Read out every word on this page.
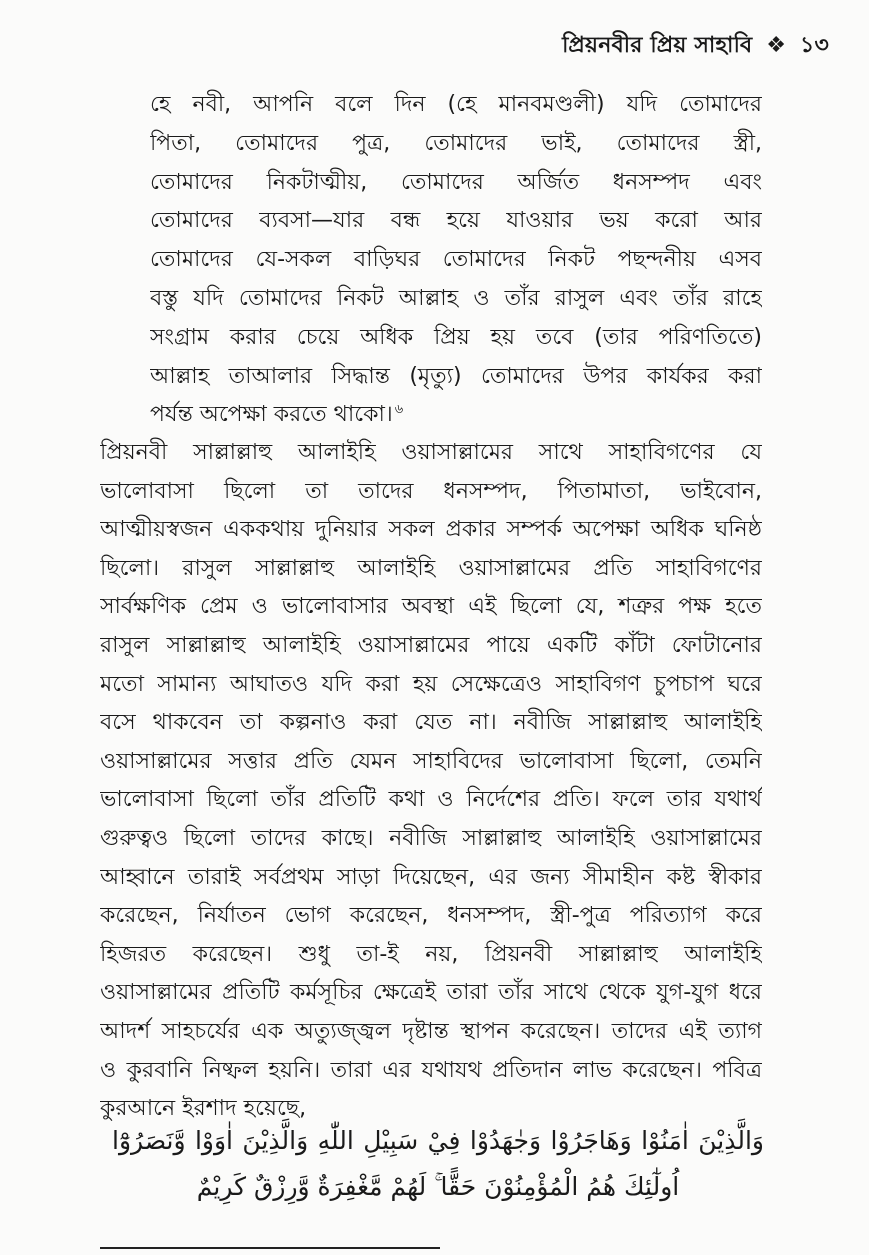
প্রিয়নবীর প্রিয় সাহাবি ❖ ১৩
হে নবী, আপনি বলে দিন (হে মানবমণ্ডলী) যদি তোমাদের
পিতা, তোমাদের পুত্র, তোমাদের ভাই, তোমাদের স্ত্রী,
তোমাদের নিকটাত্মীয়, তোমাদের অর্জিত ধনসম্পদ এবং
তোমাদের ব্যবসা—যার বন্ধ হয়ে যাওয়ার ভয় করো আর
তোমাদের যে-সকল বাড়িঘর তোমাদের নিকট পছন্দনীয় এসব
বস্তু যদি তোমাদের নিকট আল্লাহ ও তাঁর রাসুল এবং তাঁর রাহে
সংগ্রাম করার চেয়ে অধিক প্রিয় হয় তবে (তার পরিণতিতে)
আল্লাহ তাআলার সিদ্ধান্ত (মৃত্যু) তোমাদের উপর কার্যকর করা
পর্যন্ত অপেক্ষা করতে থাকো। $^৬$
প্রিয়নবী সাল্লাল্লাহু আলাইহি ওয়াসাল্লামের সাথে সাহাবিগণের যে
ভালোবাসা ছিলো তা তাদের ধনসম্পদ, পিতামাতা, ভাইবোন,
আত্মীয়স্বজন এককথায় দুনিয়ার সকল প্রকার সম্পর্ক অপেক্ষা অধিক ঘনিষ্ঠ
ছিলো। রাসুল সাল্লাল্লাহু আলাইহি ওয়াসাল্লামের প্রতি সাহাবিগণের
সার্বক্ষণিক প্রেম ও ভালোবাসার অবস্থা এই ছিলো যে, শত্রুর পক্ষ হতে
রাসুল সাল্লাল্লাহু আলাইহি ওয়াসাল্লামের পায়ে একটি কাঁটা ফোটানোর
মতো সামান্য আঘাতও যদি করা হয় সেক্ষেত্রেও সাহাবিগণ চুপচাপ ঘরে
বসে থাকবেন তা কল্পনাও করা যেত না। নবীজি সাল্লাল্লাহু আলাইহি
ওয়াসাল্লামের সত্তার প্রতি যেমন সাহাবিদের ভালোবাসা ছিলো, তেমনি
ভালোবাসা ছিলো তাঁর প্রতিটি কথা ও নির্দেশের প্রতি। ফলে তার যথার্থ
গুরুত্বও ছিলো তাদের কাছে। নবীজি সাল্লাল্লাহু আলাইহি ওয়াসাল্লামের
আহ্বানে তারাই সর্বপ্রথম সাড়া দিয়েছেন, এর জন্য সীমাহীন কষ্ট স্বীকার
করেছেন, নির্যাতন ভোগ করেছেন, ধনসম্পদ, স্ত্রী-পুত্র পরিত্যাগ করে
হিজরত করেছেন। শুধু তা-ই নয়, প্রিয়নবী সাল্লাল্লাহু আলাইহি
ওয়াসাল্লামের প্রতিটি কর্মসূচির ক্ষেত্রেই তারা তাঁর সাথে থেকে যুগ-যুগ ধরে
আদর্শ সাহচর্যের এক অত্যুজ্জ্বল দৃষ্টান্ত স্থাপন করেছেন। তাদের এই ত্যাগ
ও কুরবানি নিষ্ফল হয়নি। তারা এর যথাযথ প্রতিদান লাভ করেছেন। পবিত্র
কুরআনে ইরশাদ হয়েছে,
وَالَّذِيْنَ اٰمَنُوْا وَهَاجَرُوْا وَجٰهَدُوْا فِيْ سَبِيْلِ اللّٰهِ وَالَّذِيْنَ اٰوَوْا وَّنَصَرُوْٓا
اُولٰٓئِكَ هُمُ الْمُؤْمِنُوْنَ حَقًّا ۚ لَهُمْ مَّغْفِرَةٌ وَّرِزْقٌ كَرِيْمٌ
